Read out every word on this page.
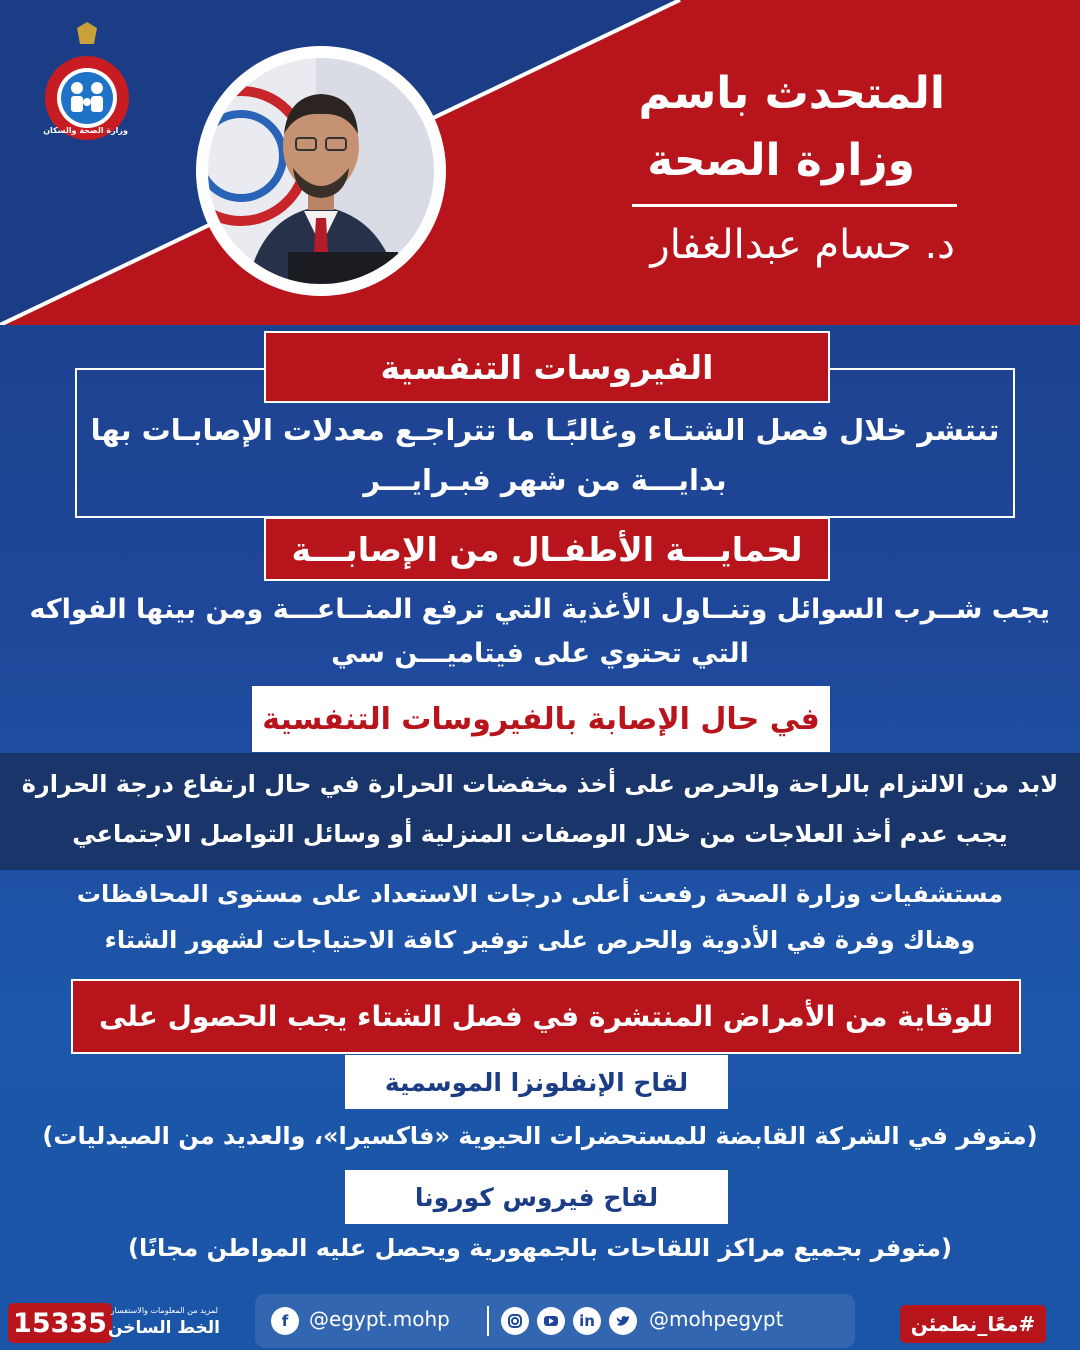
وزارة الصحة والسكان
المتحدث باسم
وزارة الصحة
د. حسام عبدالغفار
الفيروسات التنفسية
تنتشر خلال فصل الشتـاء وغالبًـا ما تتراجـع معدلات الإصابـات بها
بدايـــة من شهر فبـرايـــر
لحمايـــة الأطفـال من الإصابـــة
يجب شــرب السوائل وتنــاول الأغذية التي ترفع المنــاعـــة ومن بينها الفواكه
التي تحتوي على فيتاميـــن سي
في حال الإصابة بالفيروسات التنفسية
لابد من الالتزام بالراحة والحرص على أخذ مخفضات الحرارة في حال ارتفاع درجة الحرارة
يجب عدم أخذ العلاجات من خلال الوصفات المنزلية أو وسائل التواصل الاجتماعي
مستشفيات وزارة الصحة رفعت أعلى درجات الاستعداد على مستوى المحافظات
وهناك وفرة في الأدوية والحرص على توفير كافة الاحتياجات لشهور الشتاء
للوقاية من الأمراض المنتشرة في فصل الشتاء يجب الحصول على
لقاح الإنفلونزا الموسمية
(متوفر في الشركة القابضة للمستحضرات الحيوية «فاكسيرا»، والعديد من الصيدليات)
لقاح فيروس كورونا
(متوفر بجميع مراكز اللقاحات بالجمهورية ويحصل عليه المواطن مجانًا)
15335 لمزيد من المعلومات والاستفسار
الخط الساخن	f	@egypt.mohp	in	@mohpegypt	#معًا_نطمئن
